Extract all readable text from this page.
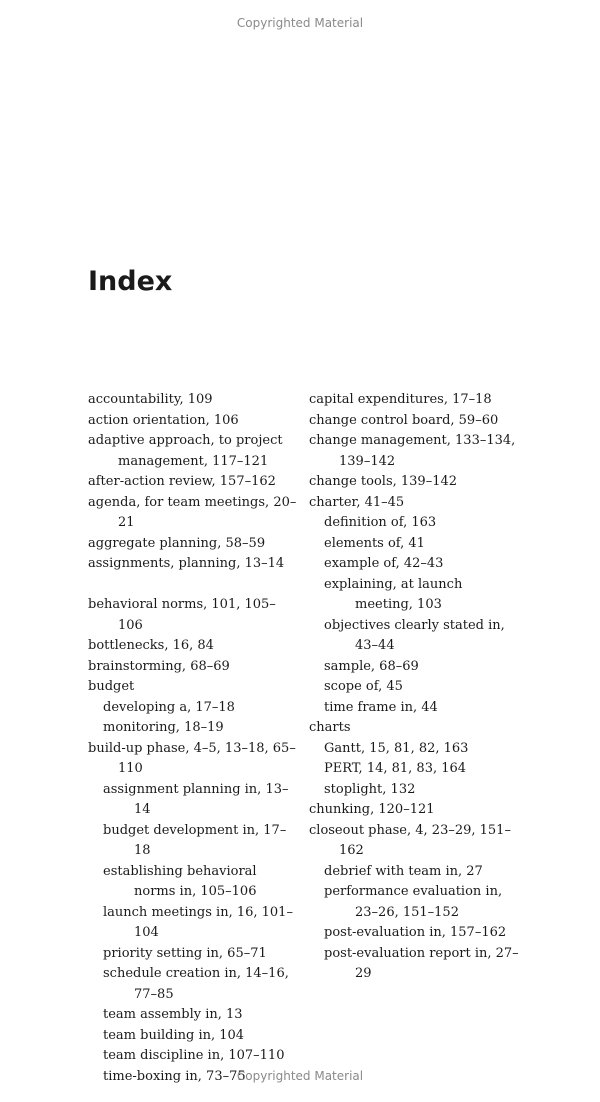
Copyrighted Material
Index
accountability, 109
action orientation, 106
adaptive approach, to project management, 117–121
after-action review, 157–162
agenda, for team meetings, 20–21
aggregate planning, 58–59
assignments, planning, 13–14
behavioral norms, 101, 105–106
bottlenecks, 16, 84
brainstorming, 68–69
budget
developing a, 17–18
monitoring, 18–19
build-up phase, 4–5, 13–18, 65–110
assignment planning in, 13–14
budget development in, 17–18
establishing behavioral norms in, 105–106
launch meetings in, 16, 101–104
priority setting in, 65–71
schedule creation in, 14–16, 77–85
team assembly in, 13
team building in, 104
team discipline in, 107–110
time-boxing in, 73–75
capital expenditures, 17–18
change control board, 59–60
change management, 133–134, 139–142
change tools, 139–142
charter, 41–45
definition of, 163
elements of, 41
example of, 42–43
explaining, at launch meeting, 103
objectives clearly stated in, 43–44
sample, 68–69
scope of, 45
time frame in, 44
charts
Gantt, 15, 81, 82, 163
PERT, 14, 81, 83, 164
stoplight, 132
chunking, 120–121
closeout phase, 4, 23–29, 151–162
debrief with team in, 27
performance evaluation in, 23–26, 151–152
post-evaluation in, 157–162
post-evaluation report in, 27–29
Copyrighted Material
